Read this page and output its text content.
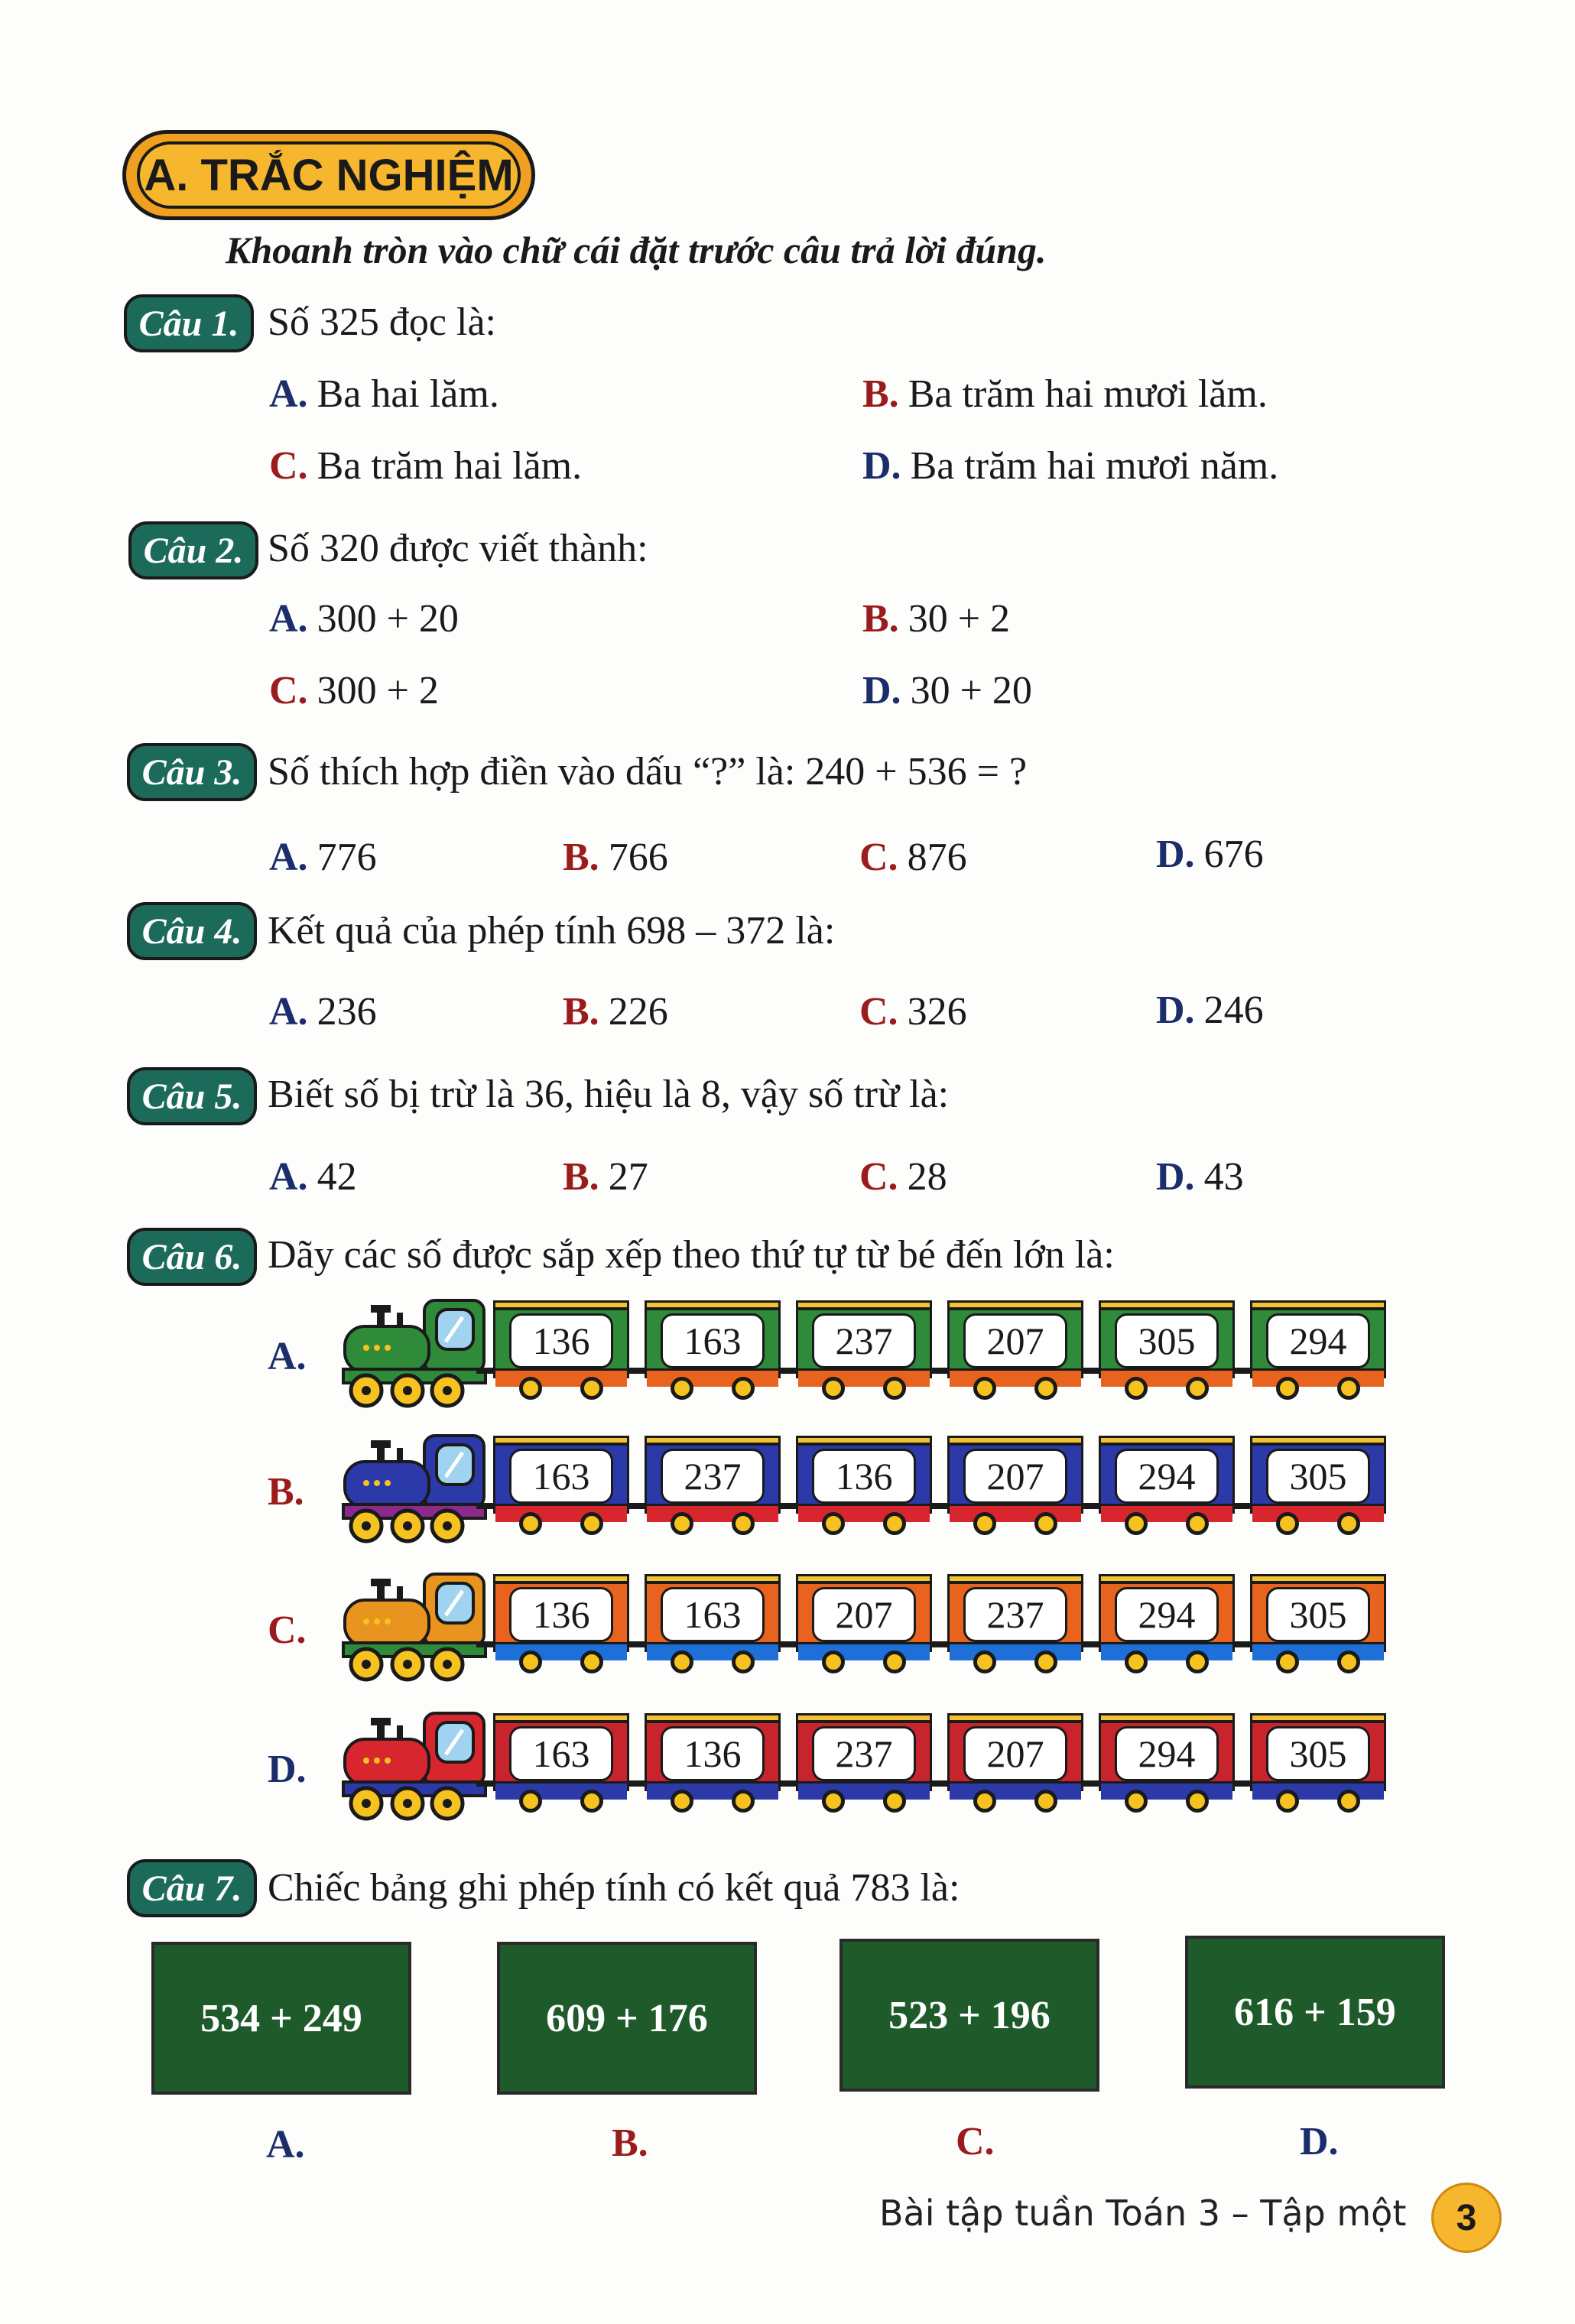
A. TRẮC NGHIỆM
Khoanh tròn vào chữ cái đặt trước câu trả lời đúng.
Câu 1. Số 325 đọc là:
A. Ba hai lăm.	B. Ba trăm hai mươi lăm.
C. Ba trăm hai lăm.	D. Ba trăm hai mươi năm.
Câu 2. Số 320 được viết thành:
A. 300 + 20	B. 30 + 2
C. 300 + 2	D. 30 + 20
Câu 3. Số thích hợp điền vào dấu “?” là: 240 + 536 = ?
A. 776	B. 766	C. 876	D. 676
Câu 4. Kết quả của phép tính 698 – 372 là:
A. 236	B. 226	C. 326	D. 246
Câu 5. Biết số bị trừ là 36, hiệu là 8, vậy số trừ là:
A. 42	B. 27	C. 28	D. 43
Câu 6. Dãy các số được sắp xếp theo thứ tự từ bé đến lớn là:
A.	136	163	237	207	305	294
B.	163	237	136	207	294	305
C.	136	163	207	237	294	305
D.	163	136	237	207	294	305
Câu 7. Chiếc bảng ghi phép tính có kết quả 783 là:
534 + 249	609 + 176	523 + 196	616 + 159
A.	B.	C.	D.
Bài tập tuần Toán 3 – Tập một	3
